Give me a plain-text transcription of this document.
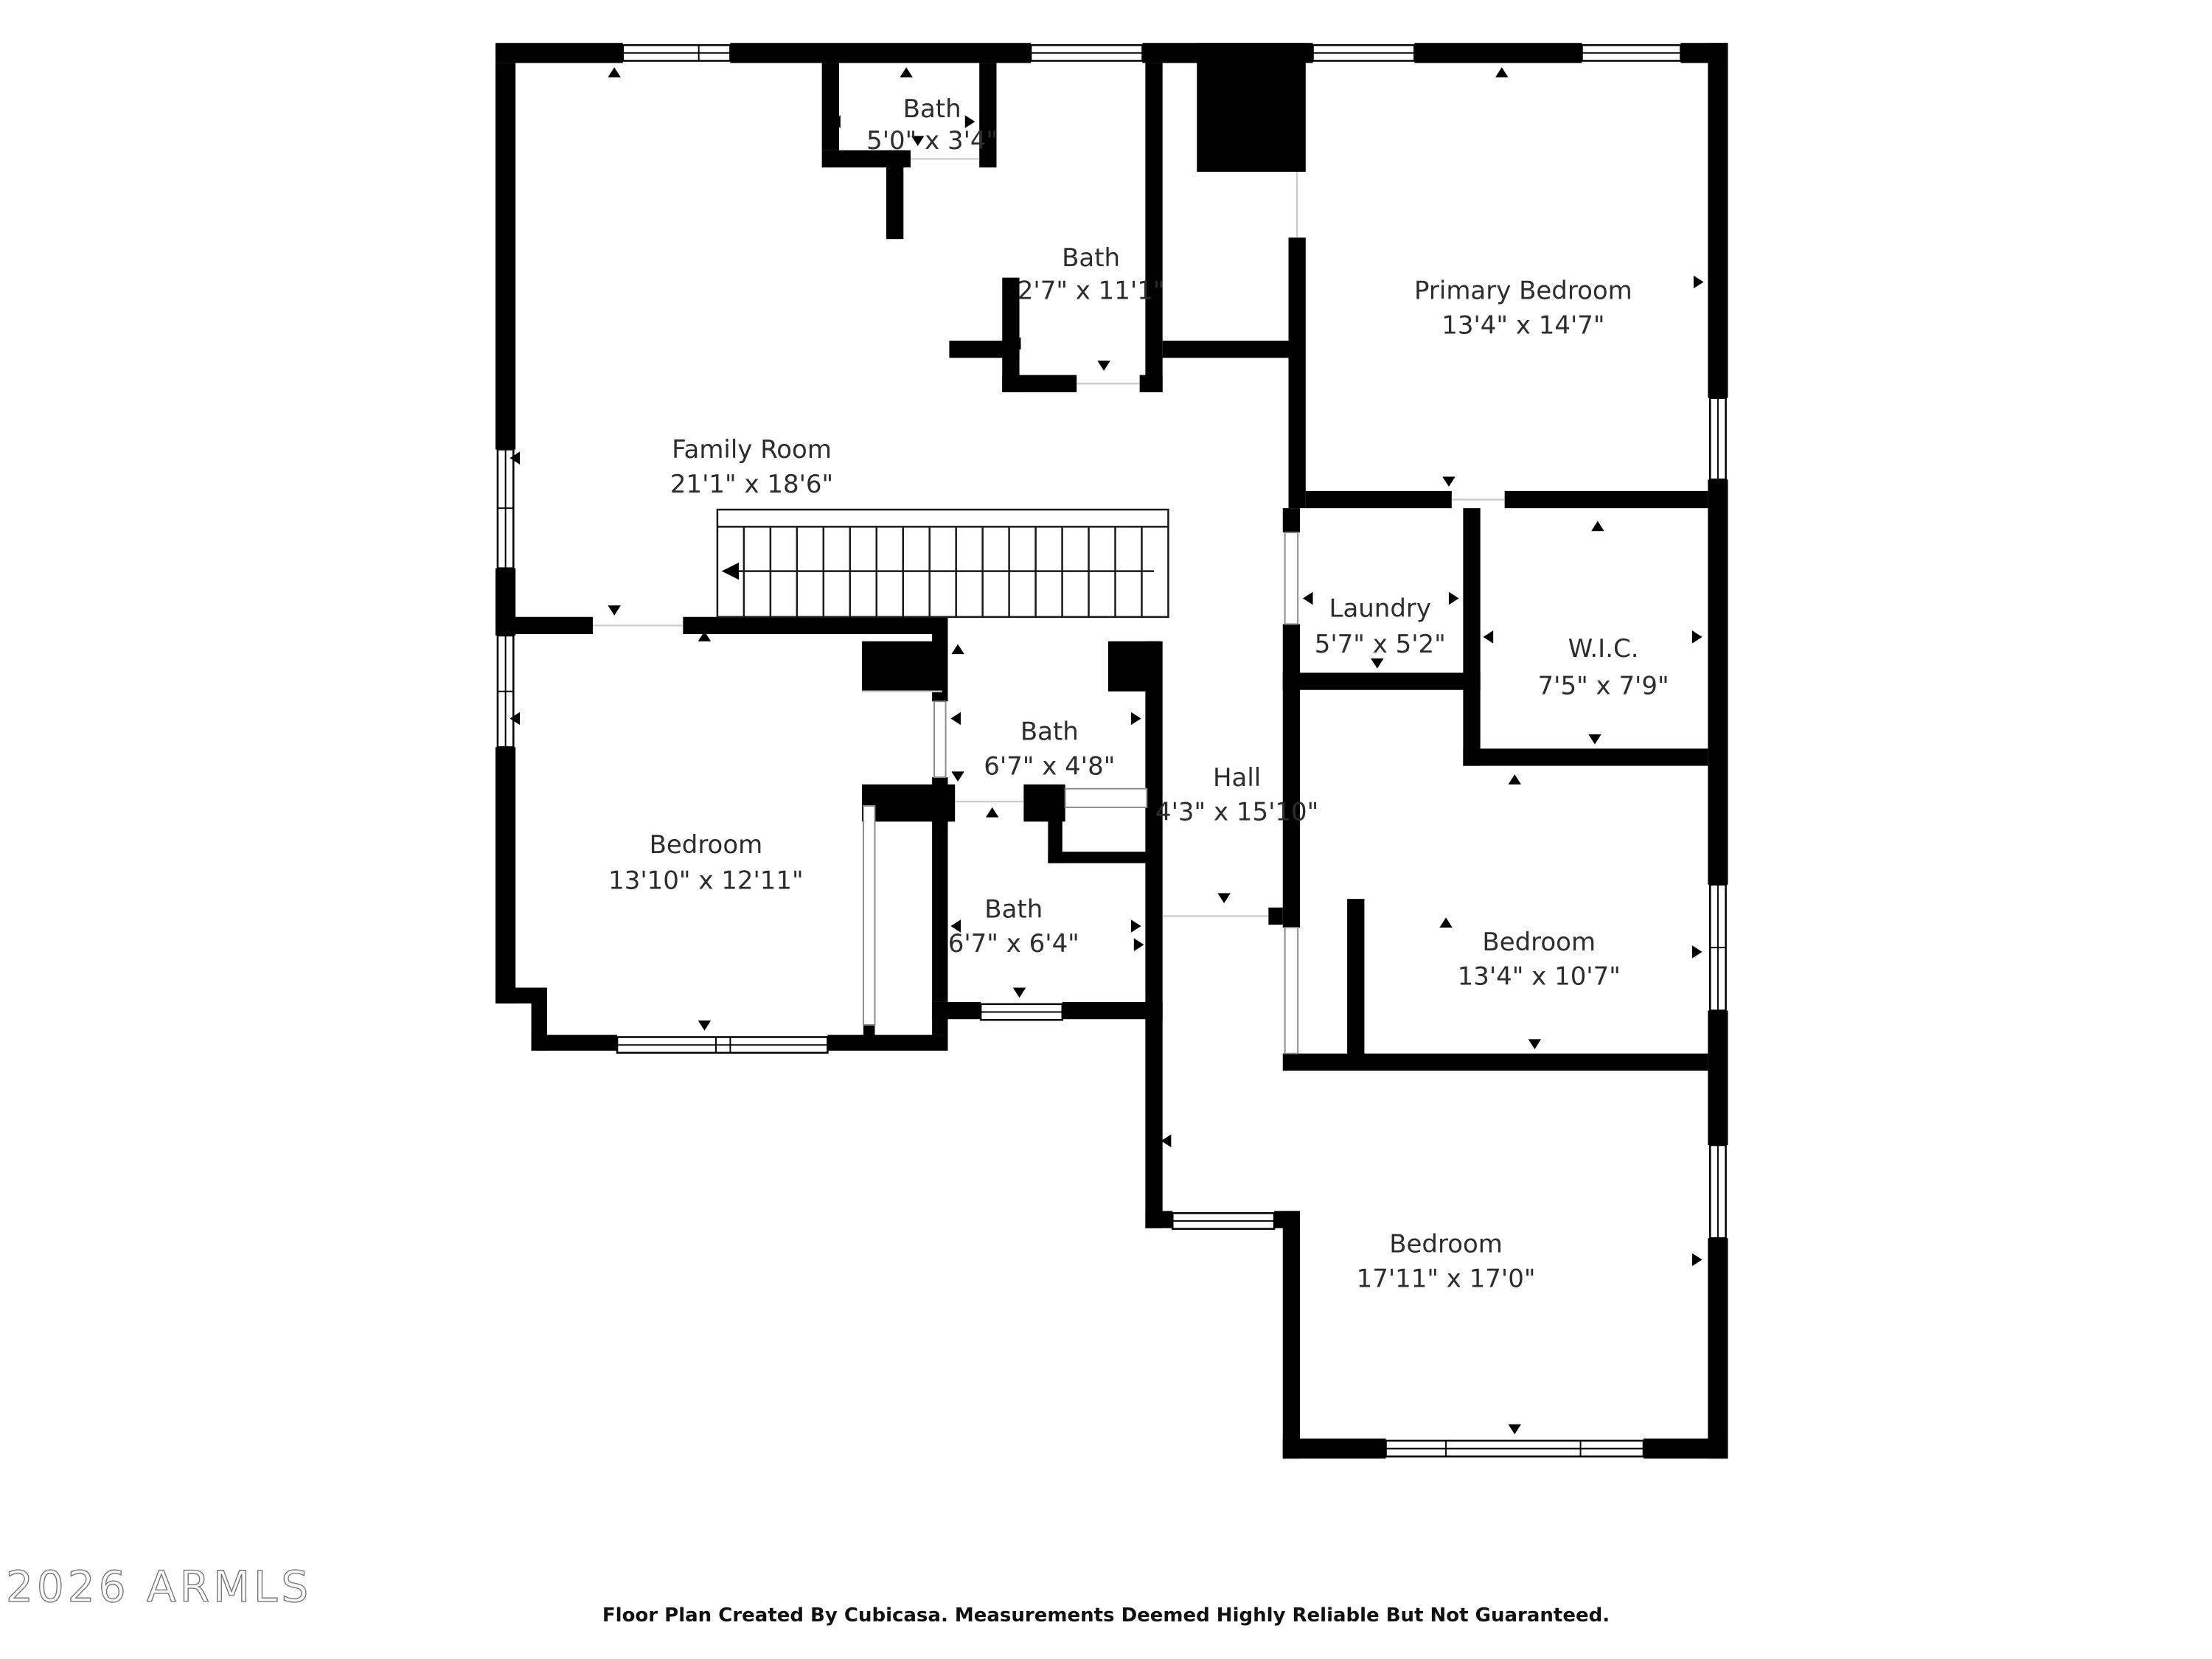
Family Room
21'1" x 18'6"
Bath
5'0" x 3'4"
Bath
2'7" x 11'1"	Primary Bedroom
13'4" x 14'7"
Laundry
5'7" x 5'2"	W.I.C.
7'5" x 7'9"
Bath
6'7" x 4'8"	Hall
4'3" x 15'10"
Bedroom
13'10" x 12'11"
Bath
6'7" x 6'4"	Bedroom
13'4" x 10'7"
Bedroom
17'11" x 17'0"
2026 ARMLS
Floor Plan Created By Cubicasa. Measurements Deemed Highly Reliable But Not Guaranteed.
